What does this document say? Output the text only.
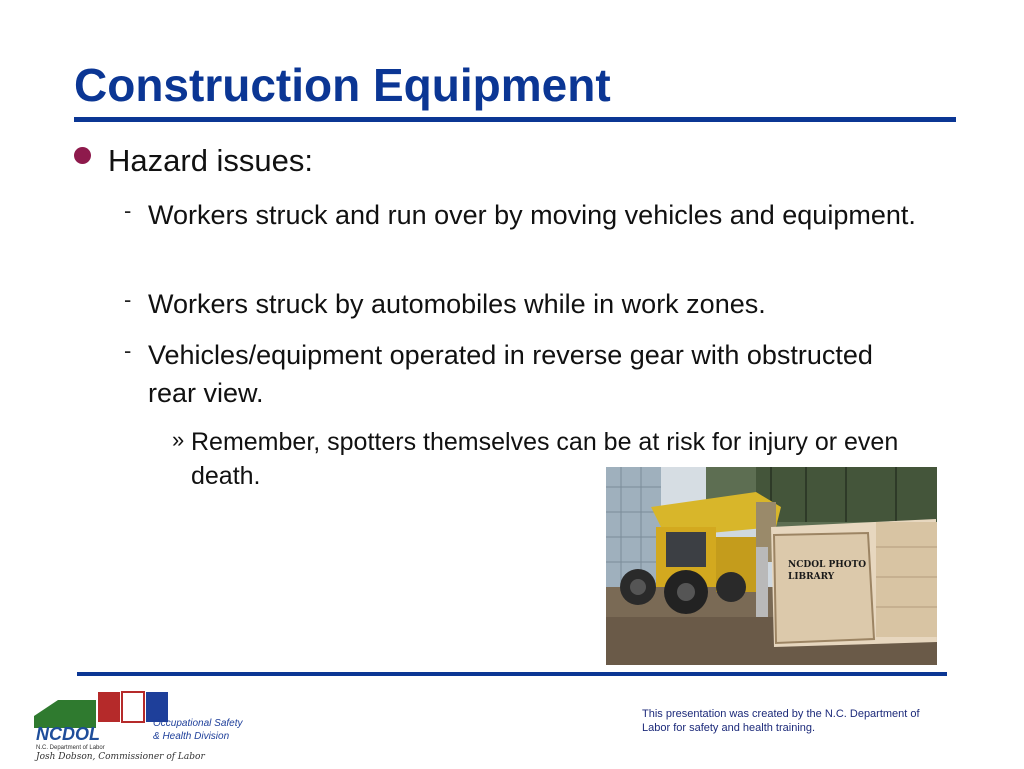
Construction Equipment
Hazard issues:
- Workers struck and run over by moving vehicles and equipment.
- Workers struck by automobiles while in work zones.
- Vehicles/equipment operated in reverse gear with obstructed rear view.
» Remember, spotters themselves can be at risk for injury or even death.
NCDOL PHOTO
LIBRARY
NCDOL
N.C. Department of Labor
Occupational Safety
& Health Division
Josh Dobson, Commissioner of Labor
This presentation was created by the N.C. Department of Labor for safety and health training.
